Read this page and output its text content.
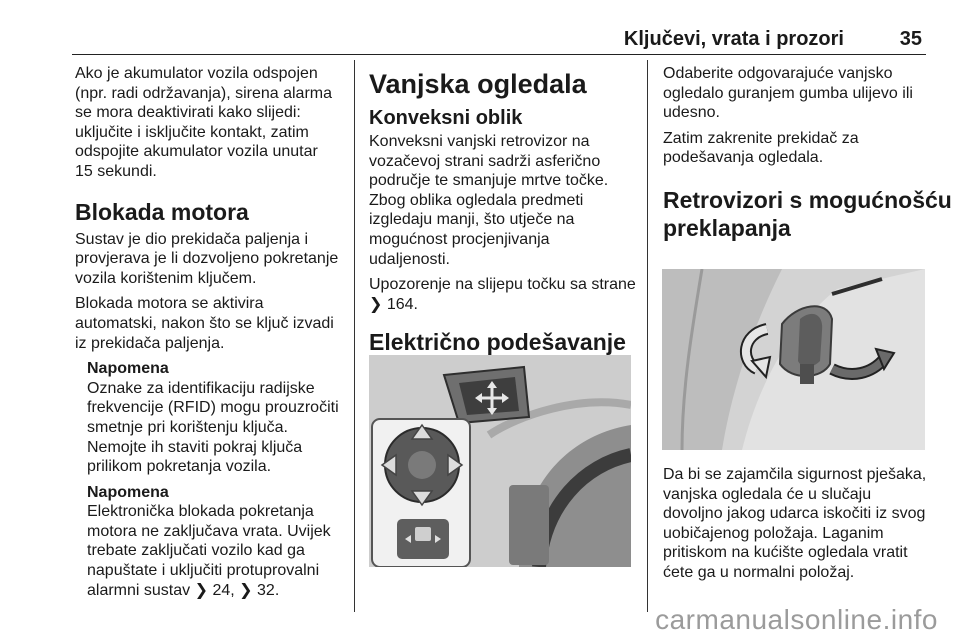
Ključevi, vrata i prozori	35

Ako je akumulator vozila odspojen
(npr. radi održavanja), sirena alarma
se mora deaktivirati kako slijedi:
uključite i isključite kontakt, zatim
odspojite akumulator vozila unutar
15 sekundi.

Blokada motora

Sustav je dio prekidača paljenja i
provjerava je li dozvoljeno pokretanje
vozila korištenim ključem.

Blokada motora se aktivira
automatski, nakon što se ključ izvadi
iz prekidača paljenja.

Napomena

Oznake za identifikaciju radijske
frekvencije (RFID) mogu prouzročiti
smetnje pri korištenju ključa.
Nemojte ih staviti pokraj ključa
prilikom pokretanja vozila.

Napomena

Elektronička blokada pokretanja
motora ne zaključava vrata. Uvijek
trebate zaključati vozilo kad ga
napuštate i uključiti protuprovalni
alarmni sustav ❯ 24, ❯ 32.

Vanjska ogledala
Konveksni oblik

Konveksni vanjski retrovizor na
vozačevoj strani sadrži asferično
područje te smanjuje mrtve točke.
Zbog oblika ogledala predmeti
izgledaju manji, što utječe na
mogućnost procjenjivanja
udaljenosti.

Upozorenje na slijepu točku sa strane
❯ 164.

Električno podešavanje

Odaberite odgovarajuće vanjsko
ogledalo guranjem gumba ulijevo ili
udesno.

Zatim zakrenite prekidač za
podešavanja ogledala.

Retrovizori s mogućnošću
preklapanja

Da bi se zajamčila sigurnost pješaka,
vanjska ogledala će u slučaju
dovoljno jakog udarca iskočiti iz svog
uobičajenog položaja. Laganim
pritiskom na kućište ogledala vratit
ćete ga u normalni položaj.

carmanualsonline.info
